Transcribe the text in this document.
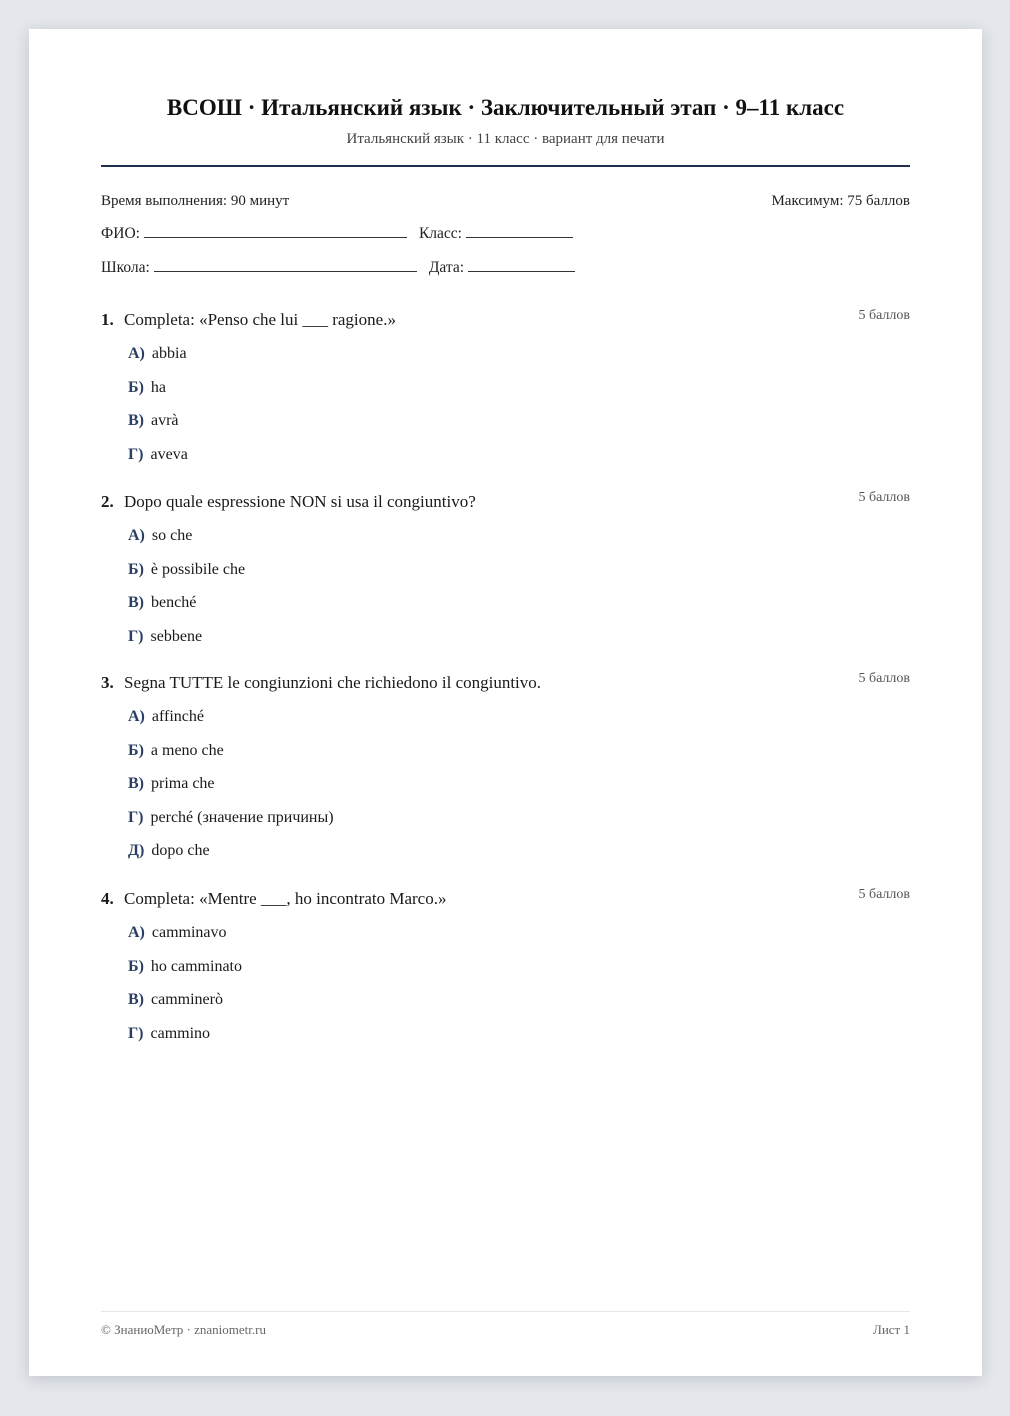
ВСОШ · Итальянский язык · Заключительный этап · 9–11 класс
Итальянский язык · 11 класс · вариант для печати
Время выполнения: 90 минут	Максимум: 75 баллов
ФИО:	Класс:
Школа:	Дата:
1. Completa: «Penso che lui ___ ragione.»	5 баллов
А) abbia
Б) ha
В) avrà
Г) aveva
2. Dopo quale espressione NON si usa il congiuntivo?	5 баллов
А) so che
Б) è possibile che
В) benché
Г) sebbene
3. Segna TUTTE le congiunzioni che richiedono il congiuntivo.	5 баллов
А) affinché
Б) a meno che
В) prima che
Г) perché (значение причины)
Д) dopo che
4. Completa: «Mentre ___, ho incontrato Marco.»	5 баллов
А) camminavo
Б) ho camminato
В) camminerò
Г) cammino
© ЗнаниоМетр · znaniometr.ru	Лист 1
